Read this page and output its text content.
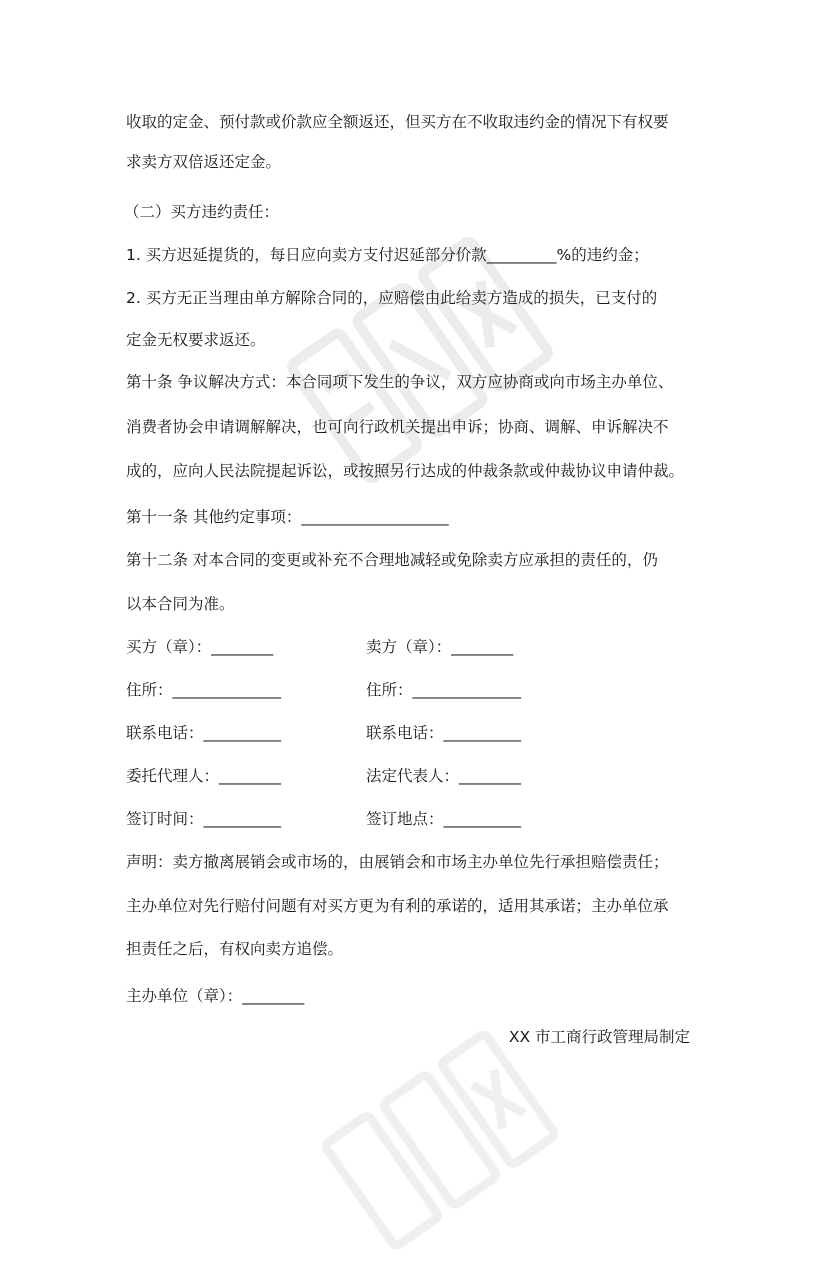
收取的定金、预付款或价款应全额返还，但买方在不收取违约金的情况下有权要
求卖方双倍返还定金。
（二）买方违约责任：
1. 买方迟延提货的，每日应向卖方支付迟延部分价款_________%的违约金；
2. 买方无正当理由单方解除合同的，应赔偿由此给卖方造成的损失，已支付的
定金无权要求返还。
第十条 争议解决方式：本合同项下发生的争议，双方应协商或向市场主办单位、
消费者协会申请调解解决，也可向行政机关提出申诉；协商、调解、申诉解决不
成的，应向人民法院提起诉讼，或按照另行达成的仲裁条款或仲裁协议申请仲裁。
第十一条 其他约定事项：___________________
第十二条 对本合同的变更或补充不合理地减轻或免除卖方应承担的责任的，仍
以本合同为准。
买方（章）：________	卖方（章）：________
住所：______________	住所：______________
联系电话：__________	联系电话：__________
委托代理人：________	法定代表人：________
签订时间：__________	签订地点：__________
声明：卖方撤离展销会或市场的，由展销会和市场主办单位先行承担赔偿责任；
主办单位对先行赔付问题有对买方更为有利的承诺的，适用其承诺；主办单位承
担责任之后，有权向卖方追偿。
主办单位（章）：________
XX 市工商行政管理局制定
